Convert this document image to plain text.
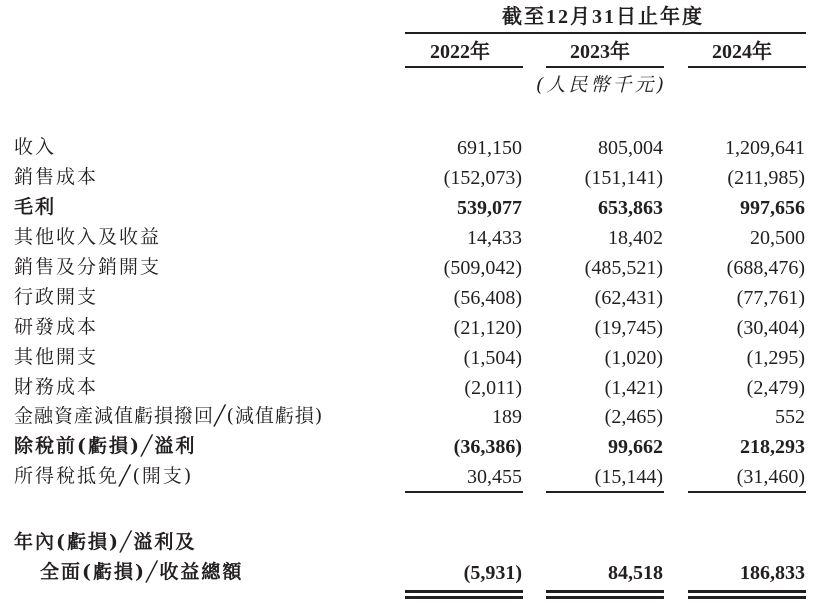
截至12月31日止年度
2022年	2023年	2024年
(人民幣千元)
收入	691,150	805,004	1,209,641
銷售成本	(152,073)	(151,141)	(211,985)
毛利	539,077	653,863	997,656
其他收入及收益	14,433	18,402	20,500
銷售及分銷開支	(509,042)	(485,521)	(688,476)
行政開支	(56,408)	(62,431)	(77,761)
研發成本	(21,120)	(19,745)	(30,404)
其他開支	(1,504)	(1,020)	(1,295)
財務成本	(2,011)	(1,421)	(2,479)
金融資產減值虧損撥回╱(減值虧損)	189	(2,465)	552
除稅前(虧損)╱溢利	(36,386)	99,662	218,293
所得稅抵免╱(開支)	30,455	(15,144)	(31,460)
年內(虧損)╱溢利及
全面(虧損)╱收益總額	(5,931)	84,518	186,833
